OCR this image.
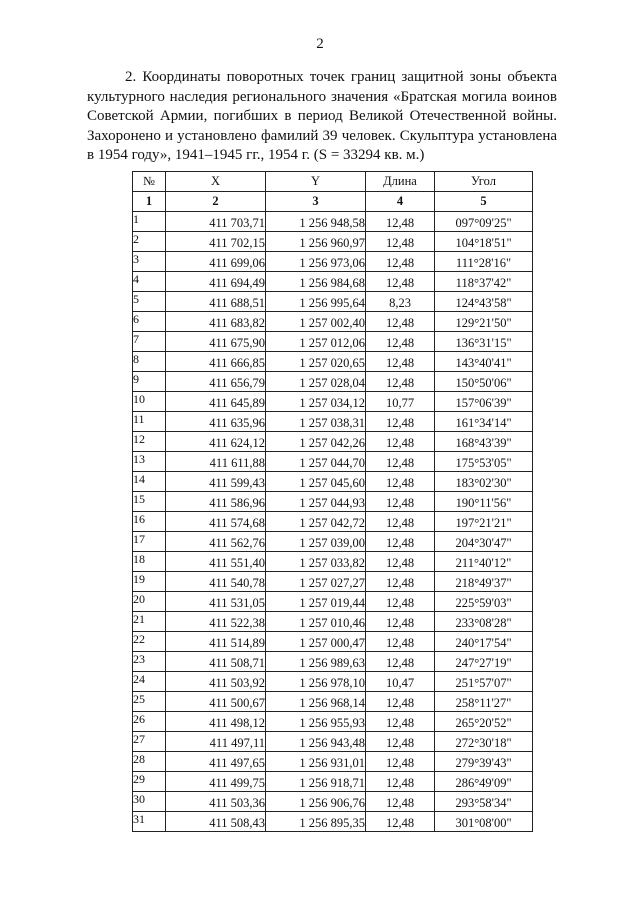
2

2. Координаты поворотных точек границ защитной зоны объекта культурного наследия регионального значения «Братская могила воинов Советской Армии, погибших в период Великой Отечественной войны. Захоронено и установлено фамилий 39 человек. Скульптура установлена в 1954 году», 1941–1945 гг., 1954 г. (S = 33294 кв. м.)

№	X	Y	Длина	Угол
1	2	3	4	5
1	411 703,71	1 256 948,58	12,48	097°09'25"
2	411 702,15	1 256 960,97	12,48	104°18'51"
3	411 699,06	1 256 973,06	12,48	111°28'16"
4	411 694,49	1 256 984,68	12,48	118°37'42"
5	411 688,51	1 256 995,64	8,23	124°43'58"
6	411 683,82	1 257 002,40	12,48	129°21'50"
7	411 675,90	1 257 012,06	12,48	136°31'15"
8	411 666,85	1 257 020,65	12,48	143°40'41"
9	411 656,79	1 257 028,04	12,48	150°50'06"
10	411 645,89	1 257 034,12	10,77	157°06'39"
11	411 635,96	1 257 038,31	12,48	161°34'14"
12	411 624,12	1 257 042,26	12,48	168°43'39"
13	411 611,88	1 257 044,70	12,48	175°53'05"
14	411 599,43	1 257 045,60	12,48	183°02'30"
15	411 586,96	1 257 044,93	12,48	190°11'56"
16	411 574,68	1 257 042,72	12,48	197°21'21"
17	411 562,76	1 257 039,00	12,48	204°30'47"
18	411 551,40	1 257 033,82	12,48	211°40'12"
19	411 540,78	1 257 027,27	12,48	218°49'37"
20	411 531,05	1 257 019,44	12,48	225°59'03"
21	411 522,38	1 257 010,46	12,48	233°08'28"
22	411 514,89	1 257 000,47	12,48	240°17'54"
23	411 508,71	1 256 989,63	12,48	247°27'19"
24	411 503,92	1 256 978,10	10,47	251°57'07"
25	411 500,67	1 256 968,14	12,48	258°11'27"
26	411 498,12	1 256 955,93	12,48	265°20'52"
27	411 497,11	1 256 943,48	12,48	272°30'18"
28	411 497,65	1 256 931,01	12,48	279°39'43"
29	411 499,75	1 256 918,71	12,48	286°49'09"
30	411 503,36	1 256 906,76	12,48	293°58'34"
31	411 508,43	1 256 895,35	12,48	301°08'00"
